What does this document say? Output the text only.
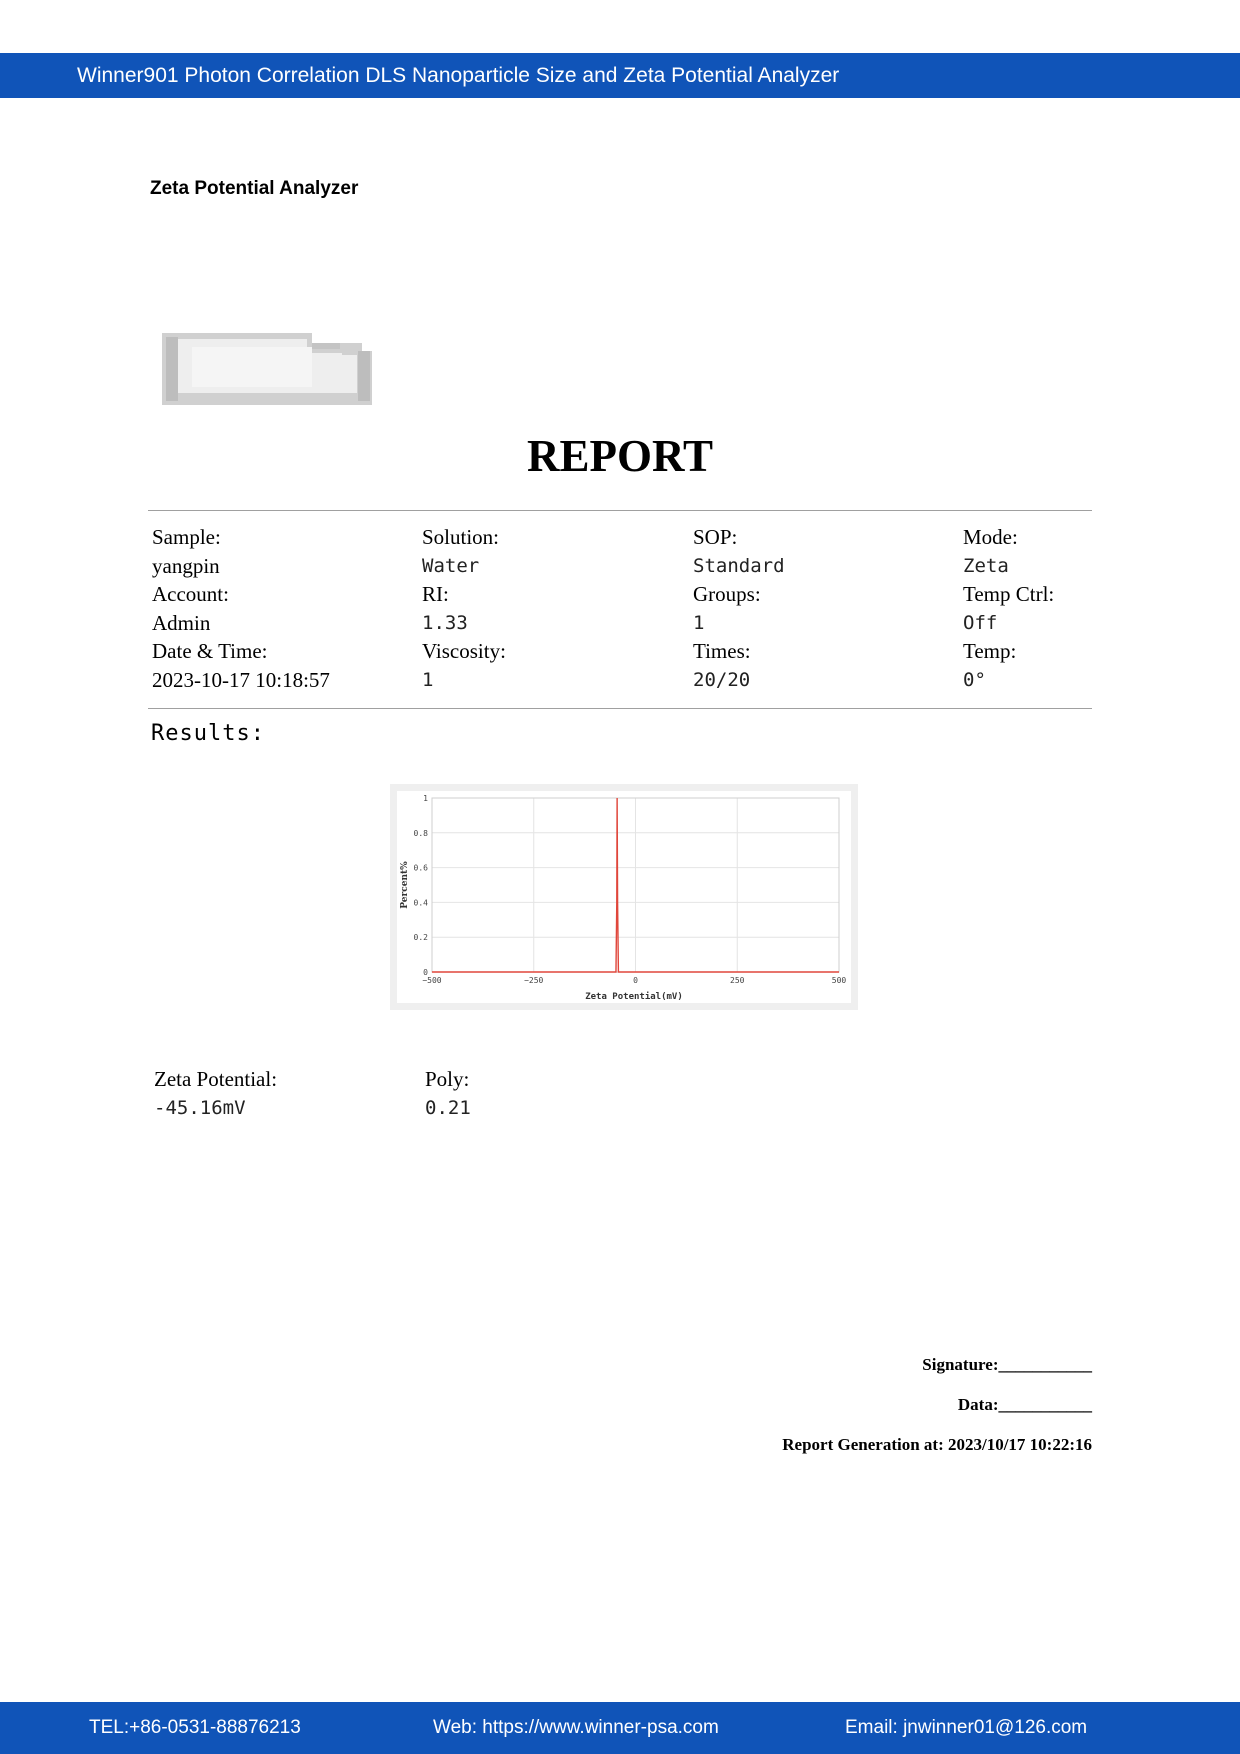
Winner901 Photon Correlation DLS Nanoparticle Size and Zeta Potential Analyzer
Zeta Potential Analyzer
REPORT
Sample:	Solution:	SOP:	Mode:
yangpin	Water	Standard	Zeta
Account:	RI:	Groups:	Temp Ctrl:
Admin	1.33	1	Off
Date & Time:	Viscosity:	Times:	Temp:
2023-10-17 10:18:57	1	20/20	0°
Results:
−500	−250	0	250	500
0
0.2
0.4
0.6
0.8
1
Zeta Potential(mV)
Percent%
Zeta Potential:	Poly:
-45.16mV	0.21
Signature:___________
Data:___________
Report Generation at: 2023/10/17 10:22:16
TEL:+86-0531-88876213	Web: https://www.winner-psa.com	Email: jnwinner01@126.com
